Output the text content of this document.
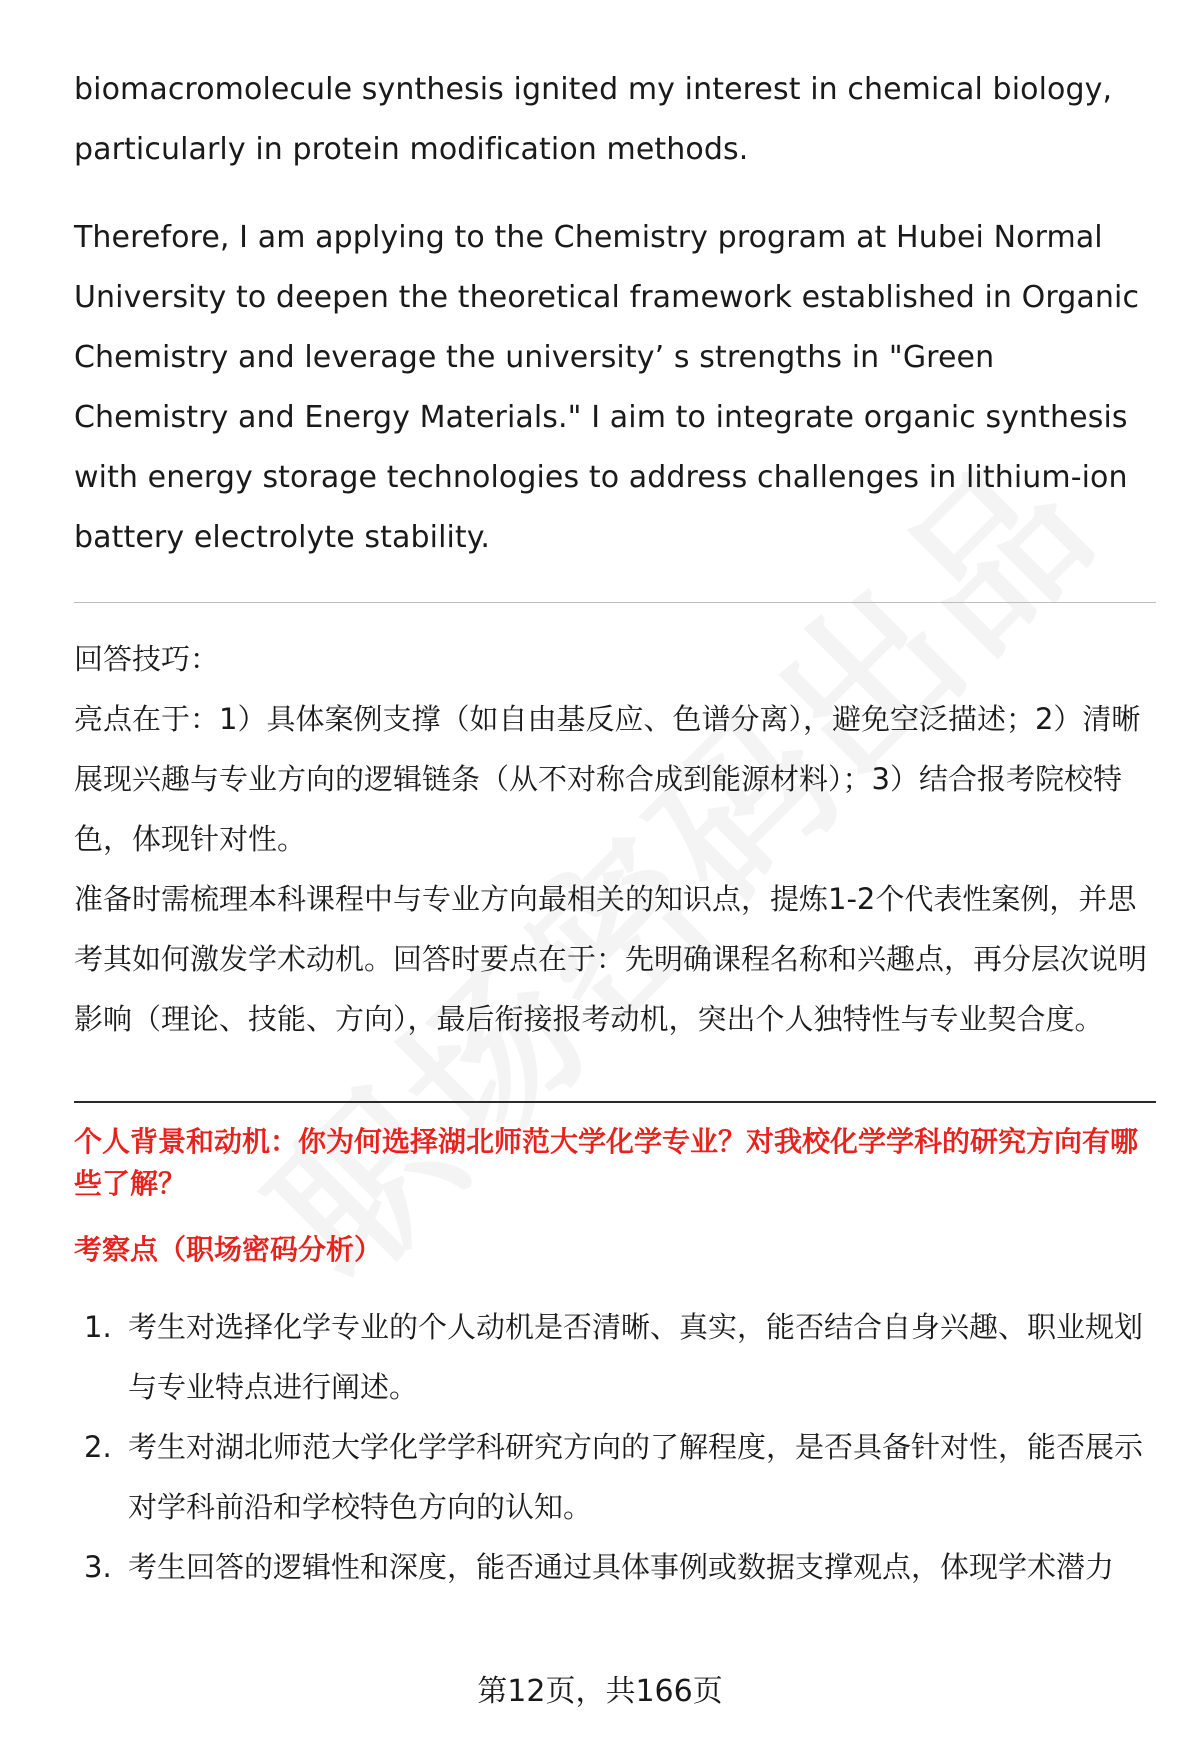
biomacromolecule synthesis ignited my interest in chemical biology, particularly in protein modification methods.

Therefore, I am applying to the Chemistry program at Hubei Normal University to deepen the theoretical framework established in Organic Chemistry and leverage the university’ s strengths in "Green Chemistry and Energy Materials." I aim to integrate organic synthesis with energy storage technologies to address challenges in lithium-ion battery electrolyte stability.

回答技巧：

亮点在于：1）具体案例支撑（如自由基反应、色谱分离），避免空泛描述；2）清晰展现兴趣与专业方向的逻辑链条（从不对称合成到能源材料）；3）结合报考院校特色，体现针对性。

准备时需梳理本科课程中与专业方向最相关的知识点，提炼1-2个代表性案例，并思考其如何激发学术动机。回答时要点在于：先明确课程名称和兴趣点，再分层次说明影响（理论、技能、方向），最后衔接报考动机，突出个人独特性与专业契合度。

个人背景和动机：你为何选择湖北师范大学化学专业？对我校化学学科的研究方向有哪些了解？

考察点（职场密码分析）

1. 考生对选择化学专业的个人动机是否清晰、真实，能否结合自身兴趣、职业规划与专业特点进行阐述。
2. 考生对湖北师范大学化学学科研究方向的了解程度，是否具备针对性，能否展示对学科前沿和学校特色方向的认知。
3. 考生回答的逻辑性和深度，能否通过具体事例或数据支撑观点，体现学术潜力
第12页，共166页
